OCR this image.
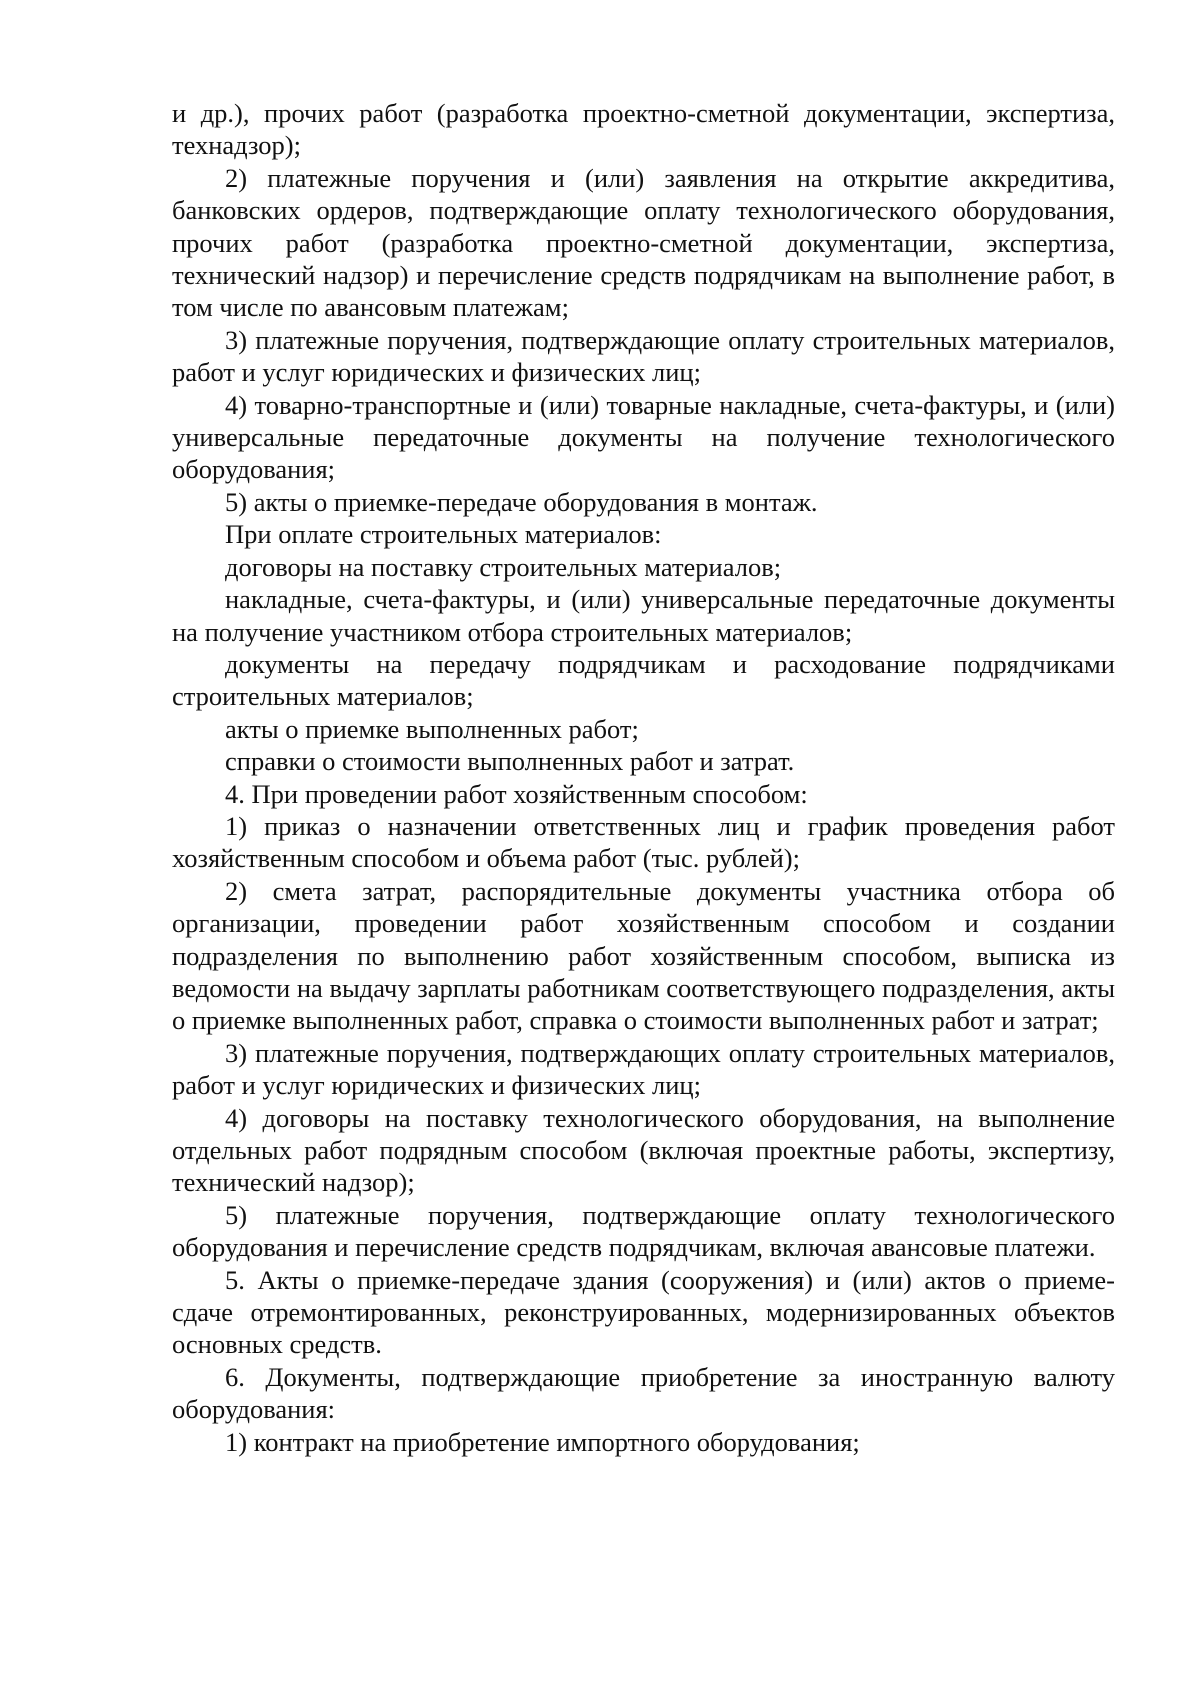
и др.), прочих работ (разработка проектно-сметной документации, экспертиза, технадзор);

2) платежные поручения и (или) заявления на открытие аккредитива, банковских ордеров, подтверждающие оплату технологического оборудования, прочих работ (разработка проектно-сметной документации, экспертиза, технический надзор) и перечисление средств подрядчикам на выполнение работ, в том числе по авансовым платежам;

3) платежные поручения, подтверждающие оплату строительных материалов, работ и услуг юридических и физических лиц;

4) товарно-транспортные и (или) товарные накладные, счета-фактуры, и (или) универсальные передаточные документы на получение технологического оборудования;

5) акты о приемке-передаче оборудования в монтаж.

При оплате строительных материалов:

договоры на поставку строительных материалов;

накладные, счета-фактуры, и (или) универсальные передаточные документы на получение участником отбора строительных материалов;

документы на передачу подрядчикам и расходование подрядчиками строительных материалов;

акты о приемке выполненных работ;

справки о стоимости выполненных работ и затрат.

4. При проведении работ хозяйственным способом:

1) приказ о назначении ответственных лиц и график проведения работ хозяйственным способом и объема работ (тыс. рублей);

2) смета затрат, распорядительные документы участника отбора об организации, проведении работ хозяйственным способом и создании подразделения по выполнению работ хозяйственным способом, выписка из ведомости на выдачу зарплаты работникам соответствующего подразделения, акты о приемке выполненных работ, справка о стоимости выполненных работ и затрат;

3) платежные поручения, подтверждающих оплату строительных материалов, работ и услуг юридических и физических лиц;

4) договоры на поставку технологического оборудования, на выполнение отдельных работ подрядным способом (включая проектные работы, экспертизу, технический надзор);

5) платежные поручения, подтверждающие оплату технологического оборудования и перечисление средств подрядчикам, включая авансовые платежи.

5. Акты о приемке-передаче здания (сооружения) и (или) актов о приеме-сдаче отремонтированных, реконструированных, модернизированных объектов основных средств.

6. Документы, подтверждающие приобретение за иностранную валюту оборудования:

1) контракт на приобретение импортного оборудования;
